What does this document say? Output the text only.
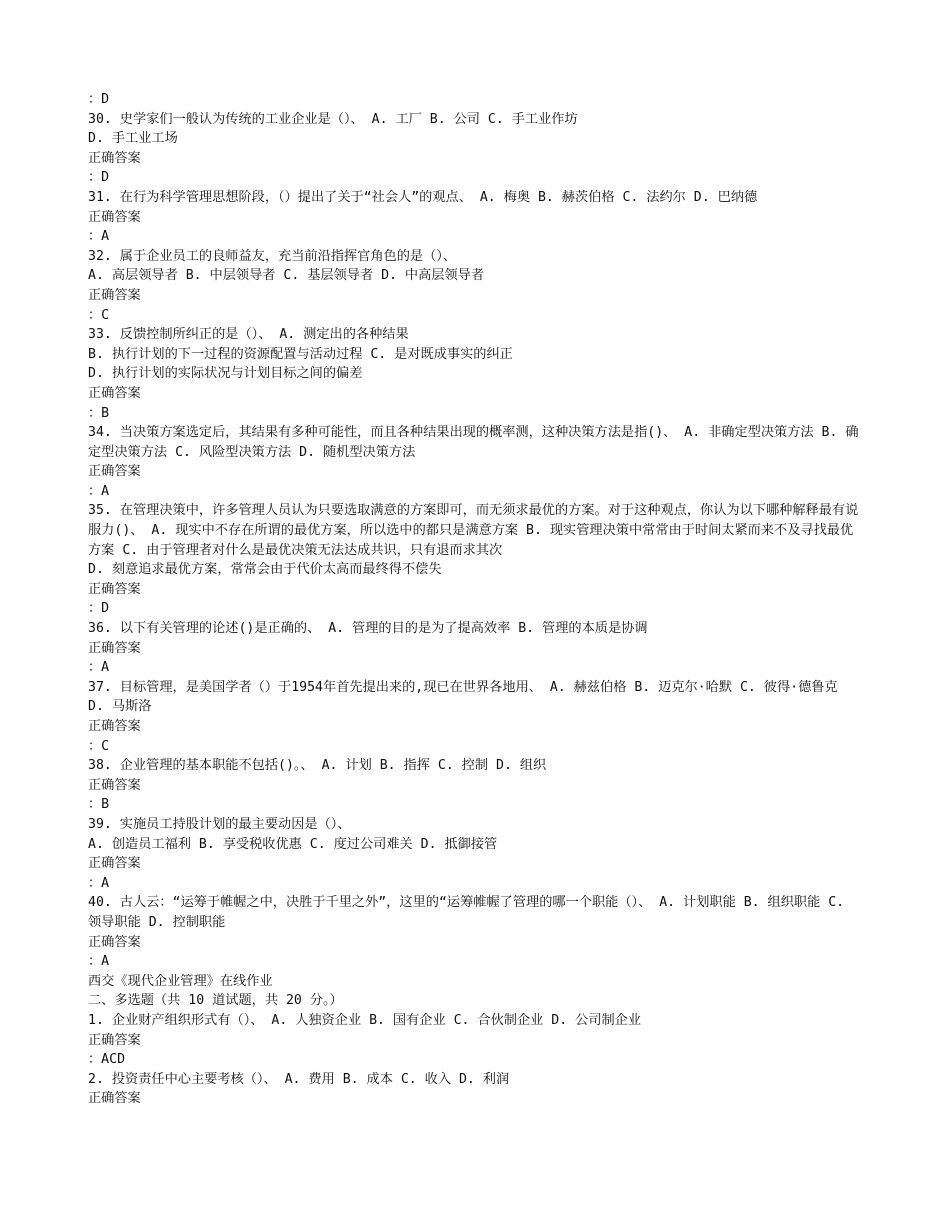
：D

30. 史学家们一般认为传统的工业企业是（）、 A. 工厂 B. 公司 C. 手工业作坊

D. 手工业工场

正确答案

：D

31. 在行为科学管理思想阶段，（）提出了关于“社会人”的观点、 A. 梅奥 B. 赫茨伯格 C. 法约尔 D. 巴纳德

正确答案

：A

32. 属于企业员工的良师益友，充当前沿指挥官角色的是（）、

A. 高层领导者 B. 中层领导者 C. 基层领导者 D. 中高层领导者

正确答案

：C

33. 反馈控制所纠正的是（）、 A. 测定出的各种结果

B. 执行计划的下一过程的资源配置与活动过程 C. 是对既成事实的纠正

D. 执行计划的实际状况与计划目标之间的偏差

正确答案

：B

34. 当决策方案选定后，其结果有多种可能性，而且各种结果出现的概率测，这种决策方法是指()、 A. 非确定型决策方法 B. 确定型决策方法 C. 风险型决策方法 D. 随机型决策方法

正确答案

：A

35. 在管理决策中，许多管理人员认为只要选取满意的方案即可，而无须求最优的方案。对于这种观点，你认为以下哪种解释最有说服力()、 A. 现实中不存在所谓的最优方案，所以选中的都只是满意方案 B. 现实管理决策中常常由于时间太紧而来不及寻找最优方案 C. 由于管理者对什么是最优决策无法达成共识，只有退而求其次

D. 刻意追求最优方案，常常会由于代价太高而最终得不偿失

正确答案

：D

36. 以下有关管理的论述()是正确的、 A. 管理的目的是为了提高效率 B. 管理的本质是协调

正确答案

：A

37. 目标管理，是美国学者（）于1954年首先提出来的,现已在世界各地用、 A. 赫兹伯格 B. 迈克尔·哈默 C. 彼得·德鲁克

D. 马斯洛

正确答案

：C

38. 企业管理的基本职能不包括()。、 A. 计划 B. 指挥 C. 控制 D. 组织

正确答案

：B

39. 实施员工持股计划的最主要动因是（）、

A. 创造员工福利 B. 享受税收优惠 C. 度过公司难关 D. 抵御接管

正确答案

：A

40. 古人云：“运筹于帷幄之中，决胜于千里之外”，这里的“运筹帷幄了管理的哪一个职能（）、 A. 计划职能 B. 组织职能 C. 领导职能 D. 控制职能

正确答案

：A

西交《现代企业管理》在线作业

二、多选题（共 10 道试题，共 20 分。）

1. 企业财产组织形式有（）、 A. 人独资企业 B. 国有企业 C. 合伙制企业 D. 公司制企业

正确答案

：ACD

2. 投资责任中心主要考核（）、 A. 费用 B. 成本 C. 收入 D. 利润

正确答案
